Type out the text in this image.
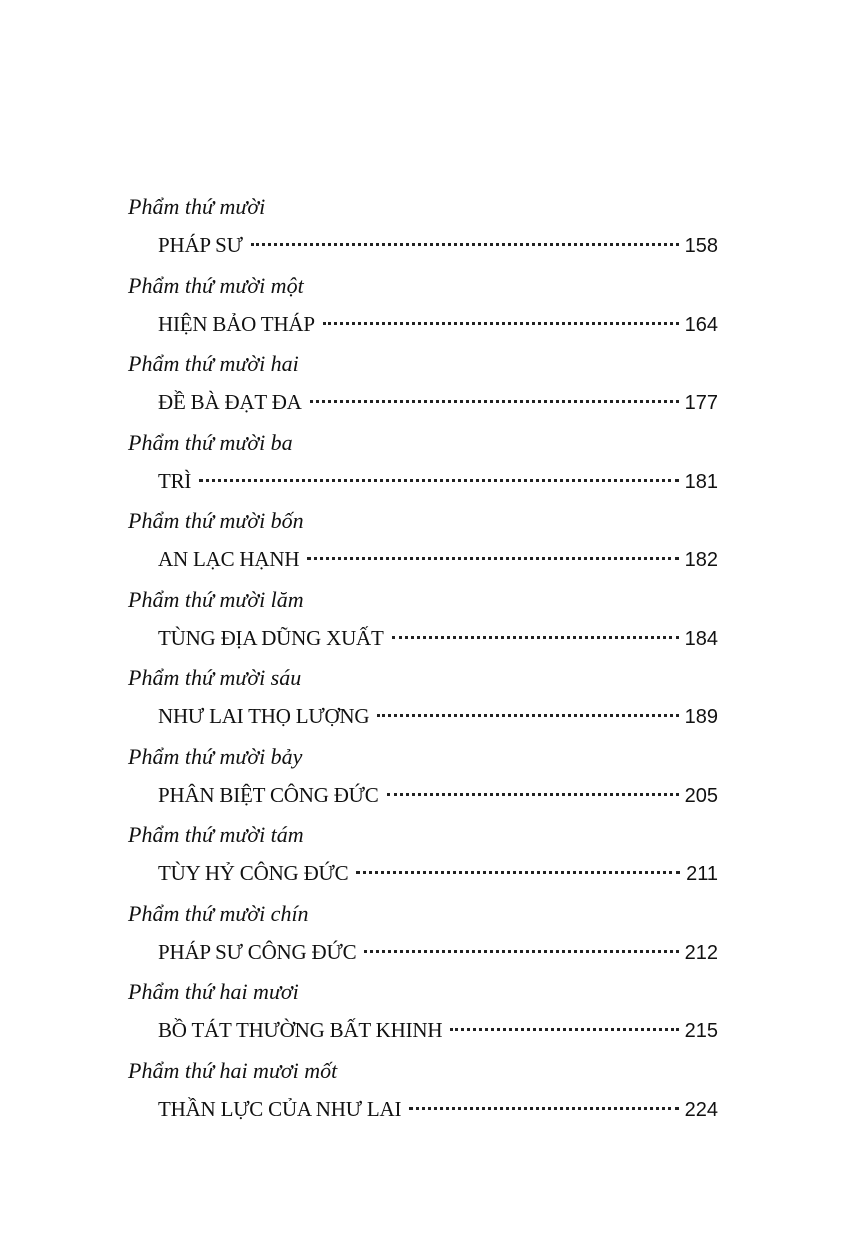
Phẩm thứ mười
PHÁP SƯ	158
Phẩm thứ mười một
HIỆN BẢO THÁP	164
Phẩm thứ mười hai
ĐỀ BÀ ĐẠT ĐA	177
Phẩm thứ mười ba
TRÌ	181
Phẩm thứ mười bốn
AN LẠC HẠNH	182
Phẩm thứ mười lăm
TÙNG ĐỊA DŨNG XUẤT	184
Phẩm thứ mười sáu
NHƯ LAI THỌ LƯỢNG	189
Phẩm thứ mười bảy
PHÂN BIỆT CÔNG ĐỨC	205
Phẩm thứ mười tám
TÙY HỶ CÔNG ĐỨC	211
Phẩm thứ mười chín
PHÁP SƯ CÔNG ĐỨC	212
Phẩm thứ hai mươi
BỒ TÁT THƯỜNG BẤT KHINH	215
Phẩm thứ hai mươi mốt
THẦN LỰC CỦA NHƯ LAI	224
